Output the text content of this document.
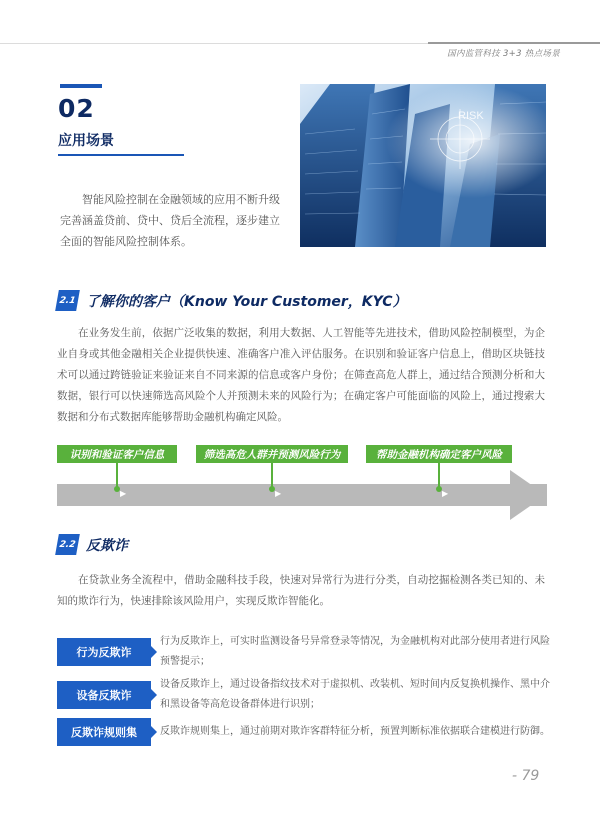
国内监管科技 3+3 热点场景
02
应用场景
智能风险控制在金融领域的应用不断升级完善涵盖贷前、贷中、贷后全流程，逐步建立全面的智能风险控制体系。
RISK
2.1 了解你的客户（Know Your Customer，KYC）
在业务发生前，依据广泛收集的数据，利用大数据、人工智能等先进技术，借助风险控制模型，为企业自身或其他金融相关企业提供快速、准确客户准入评估服务。在识别和验证客户信息上，借助区块链技术可以通过跨链验证来验证来自不同来源的信息或客户身份；在筛查高危人群上，通过结合预测分析和大数据，银行可以快速筛选高风险个人并预测未来的风险行为；在确定客户可能面临的风险上，通过搜索大数据和分布式数据库能够帮助金融机构确定风险。
识别和验证客户信息	筛选高危人群并预测风险行为	帮助金融机构确定客户风险
▶	▶	▶
2.2 反欺诈
在贷款业务全流程中，借助金融科技手段，快速对异常行为进行分类，自动挖掘检测各类已知的、未知的欺诈行为，快速排除该风险用户，实现反欺诈智能化。
行为反欺诈
行为反欺诈上，可实时监测设备号异常登录等情况，为金融机构对此部分使用者进行风险预警提示；
设备反欺诈
设备反欺诈上，通过设备指纹技术对于虚拟机、改装机、短时间内反复换机操作、黑中介和黑设备等高危设备群体进行识别；
反欺诈规则集	反欺诈规则集上，通过前期对欺诈客群特征分析，预置判断标准依据联合建模进行防御。
- 79
